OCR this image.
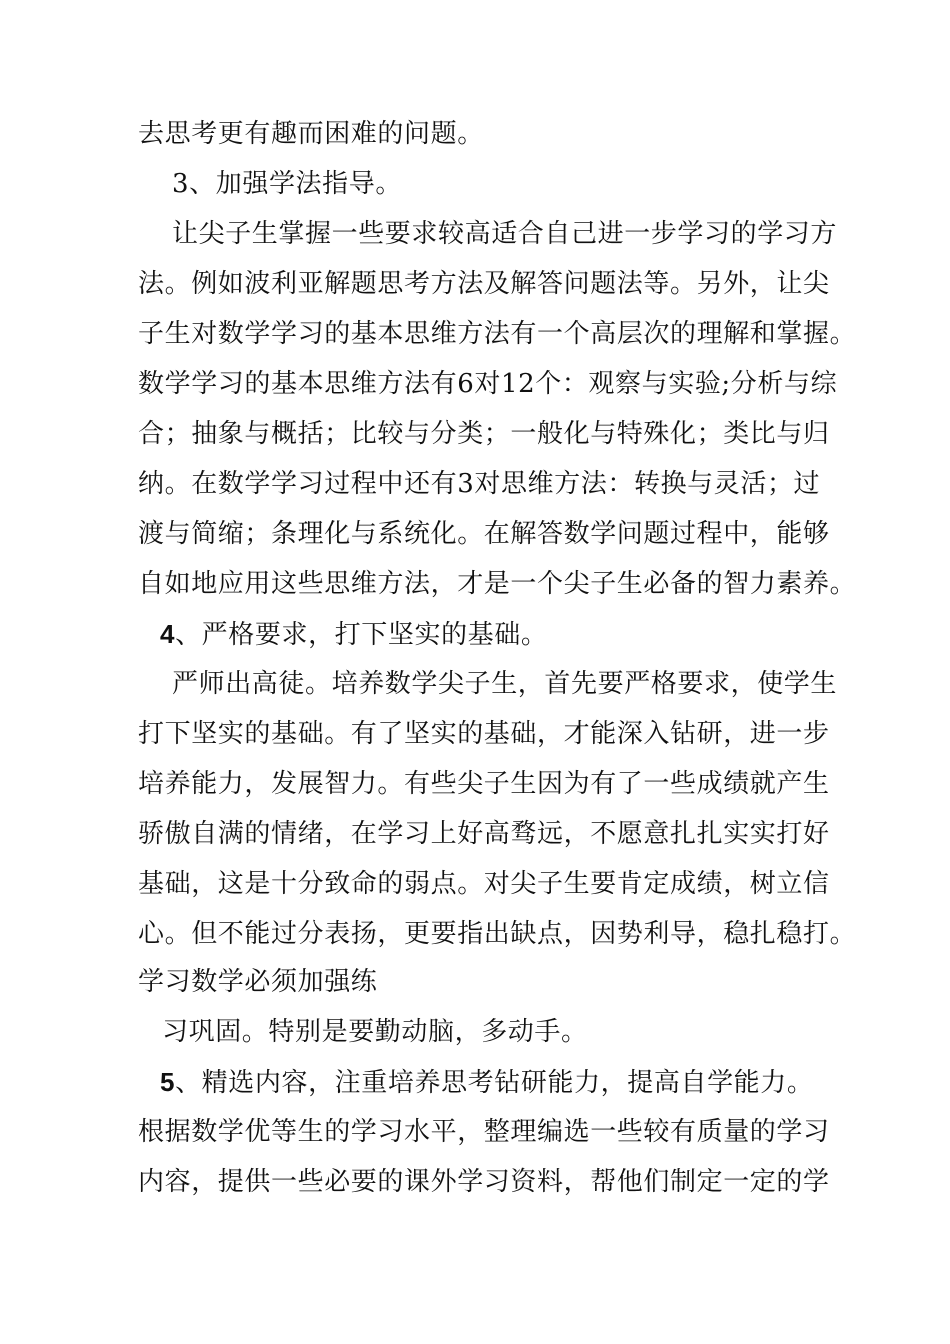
去思考更有趣而困难的问题。
3、加强学法指导。
让尖子生掌握一些要求较高适合自己进一步学习的学习方
法。例如波利亚解题思考方法及解答问题法等。另外，让尖
子生对数学学习的基本思维方法有一个高层次的理解和掌握。
数学学习的基本思维方法有6对12个：观察与实验;分析与综
合；抽象与概括；比较与分类；一般化与特殊化；类比与归
纳。在数学学习过程中还有3对思维方法：转换与灵活；过
渡与简缩；条理化与系统化。在解答数学问题过程中，能够
自如地应用这些思维方法，才是一个尖子生必备的智力素养。
4、严格要求，打下坚实的基础。
严师出高徒。培养数学尖子生，首先要严格要求，使学生
打下坚实的基础。有了坚实的基础，才能深入钻研，进一步
培养能力，发展智力。有些尖子生因为有了一些成绩就产生
骄傲自满的情绪，在学习上好高骛远，不愿意扎扎实实打好
基础，这是十分致命的弱点。对尖子生要肯定成绩，树立信
心。但不能过分表扬，更要指出缺点，因势利导，稳扎稳打。
学习数学必须加强练
习巩固。特别是要勤动脑，多动手。
5、精选内容，注重培养思考钻研能力，提高自学能力。
根据数学优等生的学习水平，整理编选一些较有质量的学习
内容，提供一些必要的课外学习资料，帮他们制定一定的学
